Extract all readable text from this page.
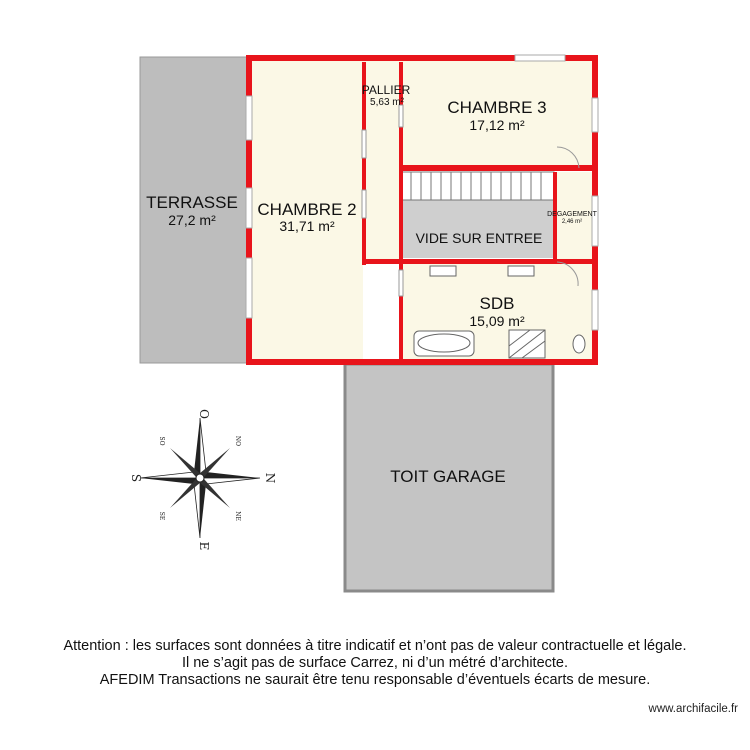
TERRASSE
27,2 m²
CHAMBRE 2
31,71 m²
PALLIER
5,63 m²	CHAMBRE 3
17,12 m²
DEGAGEMENT
2,46 m²
VIDE SUR ENTREE
SDB
15,09 m²
TOIT GARAGE
O
E
S	N
SO	NO
SE	NE
Attention : les surfaces sont données à titre indicatif et n’ont pas de valeur contractuelle et légale.
Il ne s’agit pas de surface Carrez, ni d’un métré d’architecte.
AFEDIM Transactions ne saurait être tenu responsable d’éventuels écarts de mesure.
www.archifacile.fr
